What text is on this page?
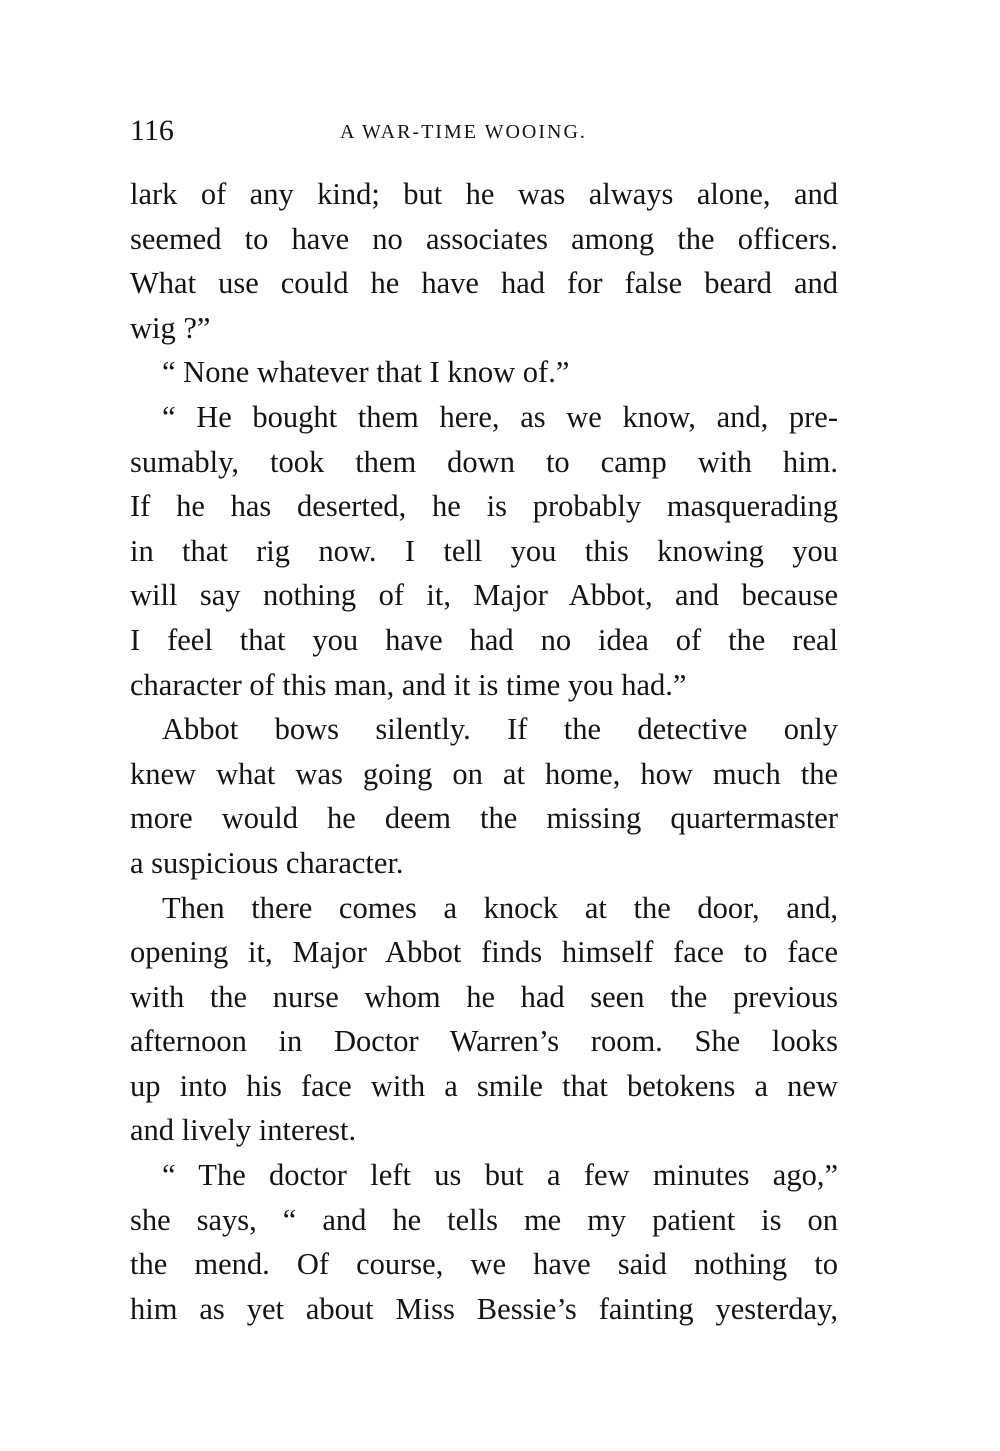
116	A WAR-TIME WOOING.
lark of any kind; but he was always alone, and
seemed to have no associates among the officers.
What use could he have had for false beard and
wig ?”
“ None whatever that I know of.”
“ He bought them here, as we know, and, pre-
sumably, took them down to camp with him.
If he has deserted, he is probably masquerading
in that rig now. I tell you this knowing you
will say nothing of it, Major Abbot, and because
I feel that you have had no idea of the real
character of this man, and it is time you had.”
Abbot bows silently. If the detective only
knew what was going on at home, how much the
more would he deem the missing quartermaster
a suspicious character.
Then there comes a knock at the door, and,
opening it, Major Abbot finds himself face to face
with the nurse whom he had seen the previous
afternoon in Doctor Warren’s room. She looks
up into his face with a smile that betokens a new
and lively interest.
“ The doctor left us but a few minutes ago,”
she says, “ and he tells me my patient is on
the mend. Of course, we have said nothing to
him as yet about Miss Bessie’s fainting yesterday,
